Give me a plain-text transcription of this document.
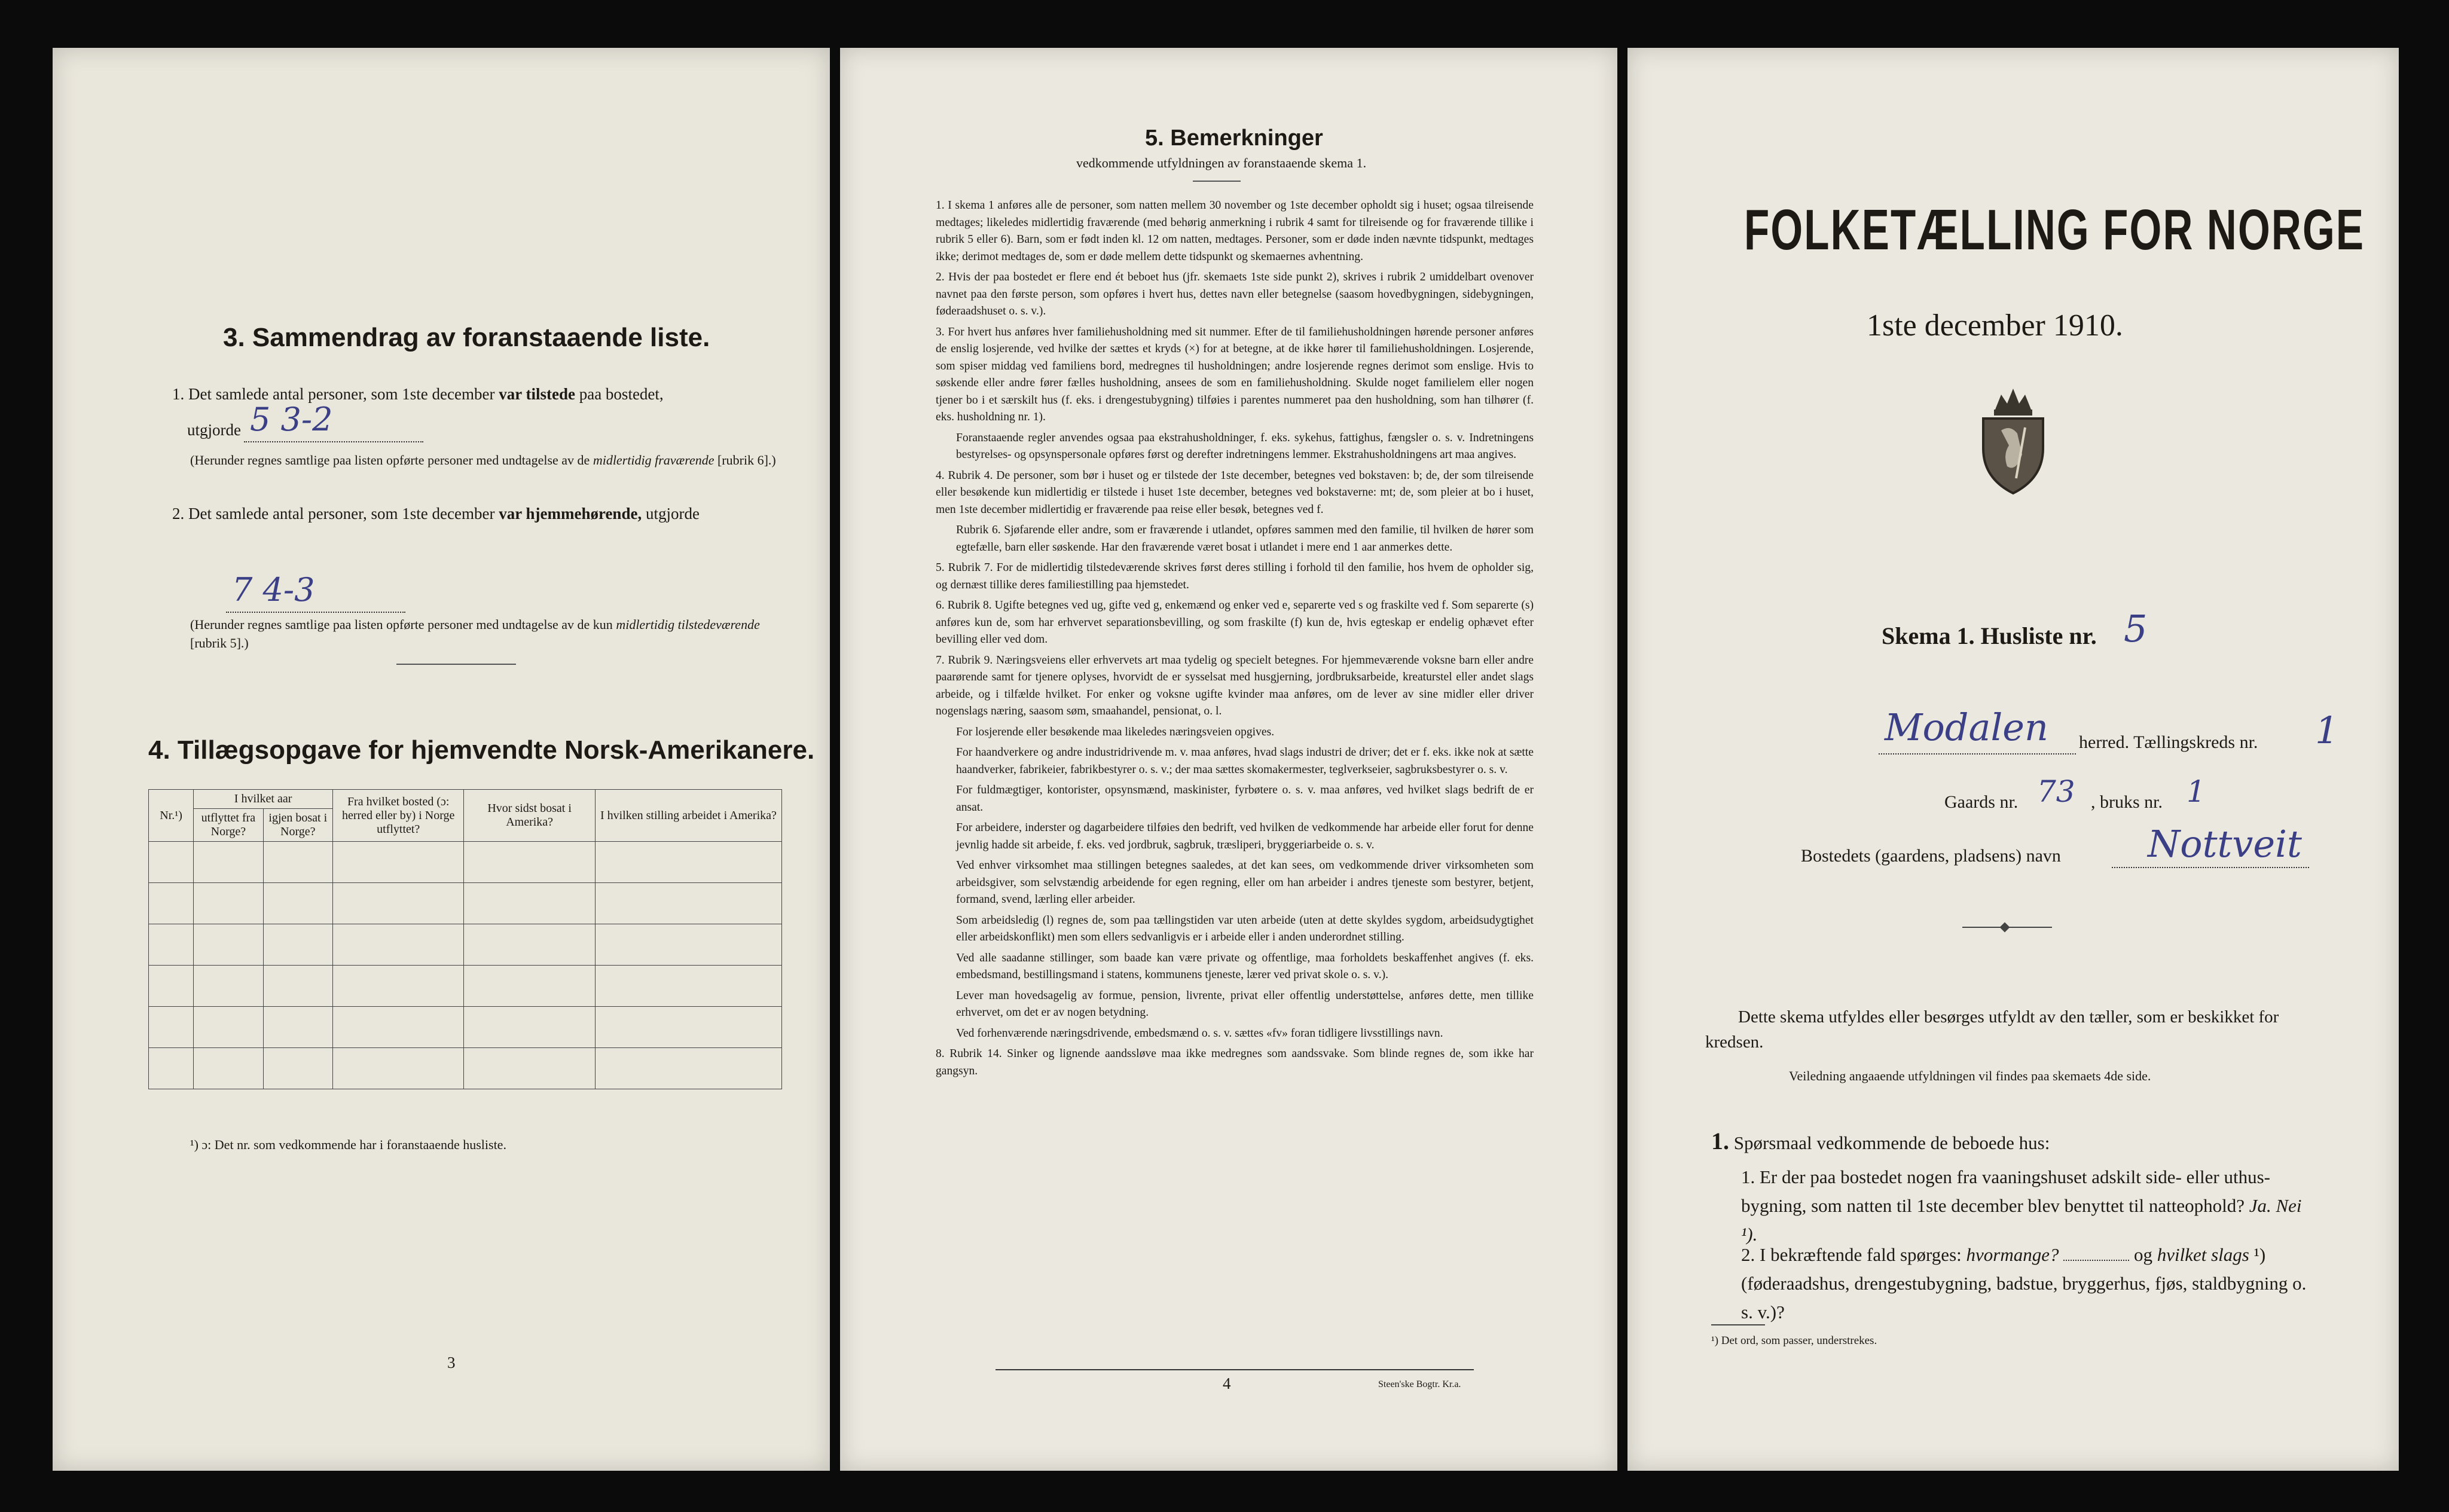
3. Sammendrag av foranstaaende liste.
1. Det samlede antal personer, som 1ste december var tilstede paa bostedet,
utgjorde 5 3-2
(Herunder regnes samtlige paa listen opførte personer med undtagelse av de midlertidig fraværende [rubrik 6].)
2. Det samlede antal personer, som 1ste december var hjemmehørende, utgjorde
7 4-3
(Herunder regnes samtlige paa listen opførte personer med undtagelse av de kun midlertidig tilstedeværende [rubrik 5].)
4. Tillægsopgave for hjemvendte Norsk-Amerikanere.
Nr.¹)	I hvilket aar		Fra hvilket bosted (ɔ: herred eller by) i Norge utflyttet?	Hvor sidst bosat i Amerika?	I hvilken stilling arbeidet i Amerika?
	utflyttet fra Norge?	igjen bosat i Norge?			

¹) ɔ: Det nr. som vedkommende har i foranstaaende husliste.
3
5. Bemerkninger
vedkommende utfyldningen av foranstaaende skema 1.

1. I skema 1 anføres alle de personer, som natten mellem 30 november og 1ste december opholdt sig i huset; ogsaa tilreisende medtages; likeledes midlertidig fraværende (med behørig anmerkning i rubrik 4 samt for tilreisende og for fraværende tillike i rubrik 5 eller 6). Barn, som er født inden kl. 12 om natten, medtages. Personer, som er døde inden nævnte tidspunkt, medtages ikke; derimot medtages de, som er døde mellem dette tidspunkt og skemaernes avhentning.

2. Hvis der paa bostedet er flere end ét beboet hus (jfr. skemaets 1ste side punkt 2), skrives i rubrik 2 umiddelbart ovenover navnet paa den første person, som opføres i hvert hus, dettes navn eller betegnelse (saasom hovedbygningen, sidebygningen, føderaadshuset o. s. v.).

3. For hvert hus anføres hver familiehusholdning med sit nummer. Efter de til familiehusholdningen hørende personer anføres de enslig losjerende, ved hvilke der sættes et kryds (×) for at betegne, at de ikke hører til familiehusholdningen. Losjerende, som spiser middag ved familiens bord, medregnes til husholdningen; andre losjerende regnes derimot som enslige. Hvis to søskende eller andre fører fælles husholdning, ansees de som en familiehusholdning. Skulde noget familielem eller nogen tjener bo i et særskilt hus (f. eks. i drengestubygning) tilføies i parentes nummeret paa den husholdning, som han tilhører (f. eks. husholdning nr. 1).

Foranstaaende regler anvendes ogsaa paa ekstrahusholdninger, f. eks. sykehus, fattighus, fængsler o. s. v. Indretningens bestyrelses- og opsynspersonale opføres først og derefter indretningens lemmer. Ekstrahusholdningens art maa angives.

4. Rubrik 4. De personer, som bør i huset og er tilstede der 1ste december, betegnes ved bokstaven: b; de, der som tilreisende eller besøkende kun midlertidig er tilstede i huset 1ste december, betegnes ved bokstaverne: mt; de, som pleier at bo i huset, men 1ste december midlertidig er fraværende paa reise eller besøk, betegnes ved f.

Rubrik 6. Sjøfarende eller andre, som er fraværende i utlandet, opføres sammen med den familie, til hvilken de hører som egtefælle, barn eller søskende. Har den fraværende været bosat i utlandet i mere end 1 aar anmerkes dette.

5. Rubrik 7. For de midlertidig tilstedeværende skrives først deres stilling i forhold til den familie, hos hvem de opholder sig, og dernæst tillike deres familiestilling paa hjemstedet.

6. Rubrik 8. Ugifte betegnes ved ug, gifte ved g, enkemænd og enker ved e, separerte ved s og fraskilte ved f. Som separerte (s) anføres kun de, som har erhvervet separationsbevilling, og som fraskilte (f) kun de, hvis egteskap er endelig ophævet efter bevilling eller ved dom.

7. Rubrik 9. Næringsveiens eller erhvervets art maa tydelig og specielt betegnes. For hjemmeværende voksne barn eller andre paarørende samt for tjenere oplyses, hvorvidt de er sysselsat med husgjerning, jordbruksarbeide, kreaturstel eller andet slags arbeide, og i tilfælde hvilket. For enker og voksne ugifte kvinder maa anføres, om de lever av sine midler eller driver nogenslags næring, saasom søm, smaahandel, pensionat, o. l.

For losjerende eller besøkende maa likeledes næringsveien opgives.

For haandverkere og andre industridrivende m. v. maa anføres, hvad slags industri de driver; det er f. eks. ikke nok at sætte haandverker, fabrikeier, fabrikbestyrer o. s. v.; der maa sættes skomakermester, teglverkseier, sagbruksbestyrer o. s. v.

For fuldmægtiger, kontorister, opsynsmænd, maskinister, fyrbøtere o. s. v. maa anføres, ved hvilket slags bedrift de er ansat.

For arbeidere, inderster og dagarbeidere tilføies den bedrift, ved hvilken de vedkommende har arbeide eller forut for denne jevnlig hadde sit arbeide, f. eks. ved jordbruk, sagbruk, træsliperi, bryggeriarbeide o. s. v.

Ved enhver virksomhet maa stillingen betegnes saaledes, at det kan sees, om vedkommende driver virksomheten som arbeidsgiver, som selvstændig arbeidende for egen regning, eller om han arbeider i andres tjeneste som bestyrer, betjent, formand, svend, lærling eller arbeider.

Som arbeidsledig (l) regnes de, som paa tællingstiden var uten arbeide (uten at dette skyldes sygdom, arbeidsudygtighet eller arbeidskonflikt) men som ellers sedvanligvis er i arbeide eller i anden underordnet stilling.

Ved alle saadanne stillinger, som baade kan være private og offentlige, maa forholdets beskaffenhet angives (f. eks. embedsmand, bestillingsmand i statens, kommunens tjeneste, lærer ved privat skole o. s. v.).

Lever man hovedsagelig av formue, pension, livrente, privat eller offentlig understøttelse, anføres dette, men tillike erhvervet, om det er av nogen betydning.

Ved forhenværende næringsdrivende, embedsmænd o. s. v. sættes «fv» foran tidligere livsstillings navn.

8. Rubrik 14. Sinker og lignende aandssløve maa ikke medregnes som aandssvake. Som blinde regnes de, som ikke har gangsyn.

4	Steen'ske Bogtr. Kr.a.
FOLKETÆLLING FOR NORGE
1ste december 1910.
Skema 1. Husliste nr. 5
Modalen herred. Tællingskreds nr. 1
Gaards nr. 73 , bruks nr. 1
Bostedets (gaardens, pladsens) navn Nottveit
Dette skema utfyldes eller besørges utfyldt av den tæller, som er beskikket for kredsen.
Veiledning angaaende utfyldningen vil findes paa skemaets 4de side.
1. Spørsmaal vedkommende de beboede hus:
1. Er der paa bostedet nogen fra vaaningshuset adskilt side- eller uthus-bygning, som natten til 1ste december blev benyttet til natteophold? Ja. Nei ¹).
2. I bekræftende fald spørges: hvormange?	og hvilket slags ¹) (føderaadshus, drengestubygning, badstue, bryggerhus, fjøs, staldbygning o. s. v.)?
¹) Det ord, som passer, understrekes.
